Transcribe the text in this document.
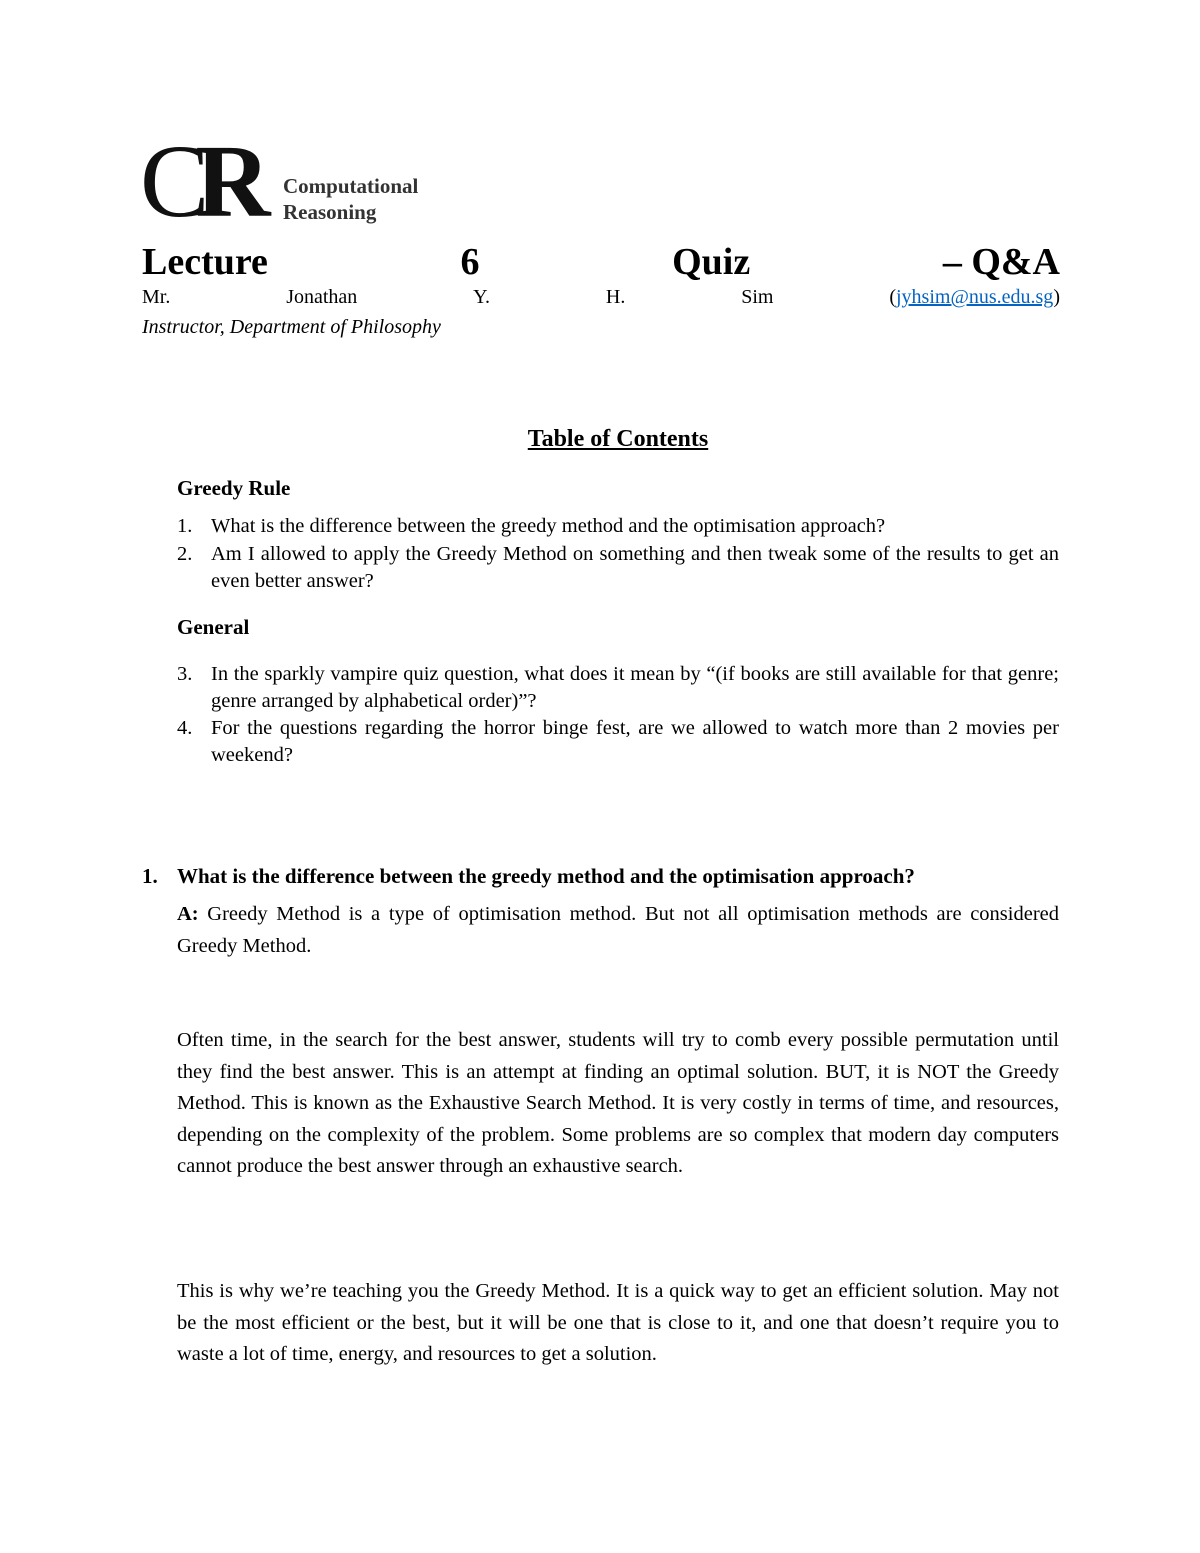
CR Computational
Reasoning
Lecture	6	Quiz	– Q&A
Mr.	Jonathan	Y.	H.	Sim	(jyhsim@nus.edu.sg)
Instructor, Department of Philosophy
Table of Contents
Greedy Rule
1. What is the difference between the greedy method and the optimisation approach?
2. Am I allowed to apply the Greedy Method on something and then tweak some of the results to get an even better answer?
General
3. In the sparkly vampire quiz question, what does it mean by “(if books are still available for that genre; genre arranged by alphabetical order)”?
4. For the questions regarding the horror binge fest, are we allowed to watch more than 2 movies per weekend?
1. What is the difference between the greedy method and the optimisation approach?
A: Greedy Method is a type of optimisation method. But not all optimisation methods are considered Greedy Method.
Often time, in the search for the best answer, students will try to comb every possible permutation until they find the best answer. This is an attempt at finding an optimal solution. BUT, it is NOT the Greedy Method. This is known as the Exhaustive Search Method. It is very costly in terms of time, and resources, depending on the complexity of the problem. Some problems are so complex that modern day computers cannot produce the best answer through an exhaustive search.
This is why we’re teaching you the Greedy Method. It is a quick way to get an efficient solution. May not be the most efficient or the best, but it will be one that is close to it, and one that doesn’t require you to waste a lot of time, energy, and resources to get a solution.
